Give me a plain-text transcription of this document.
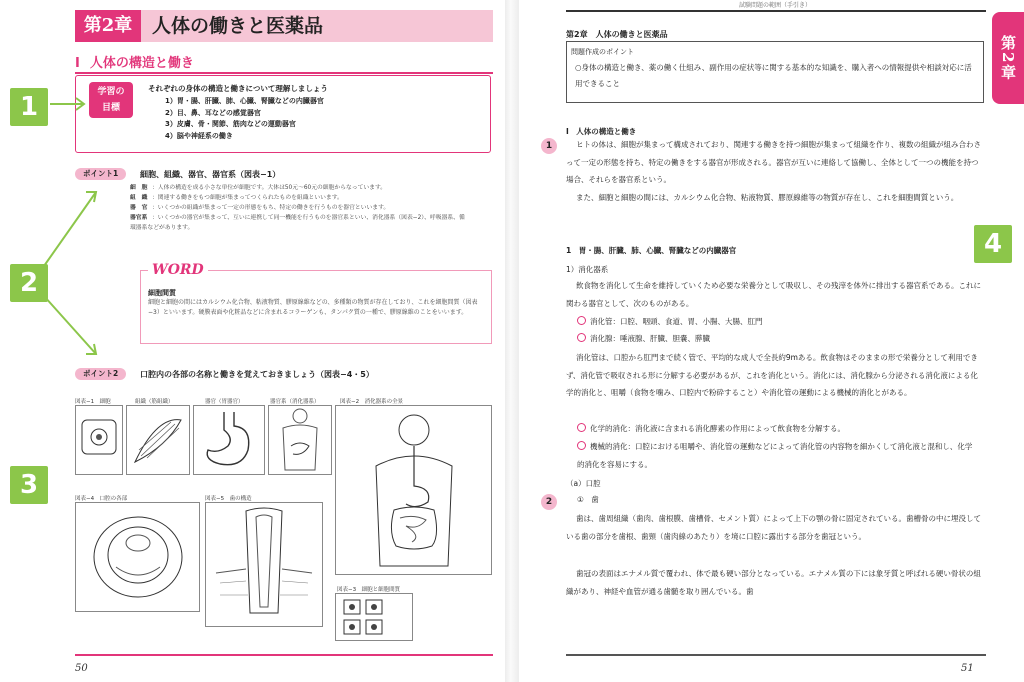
第2章	人体の働きと医薬品
Ⅰ 人体の構造と働き
学習の
目標
それぞれの身体の構造と働きについて理解しましょう
1）胃・腸、肝臓、肺、心臓、腎臓などの内臓器官
2）目、鼻、耳などの感覚器官
3）皮膚、骨・関節、筋肉などの運動器官
4）脳や神経系の働き
ポイント1	細胞、組織、器官、器官系（図表−1）
細　胞 ：人体の構造を成る小さな単位が細胞です。大体は50元〜60元の細胞からなっています。
組　織 ：関連する働きをもつ細胞が集まってつくられたものを組織といいます。
器　官 ：いくつかの組織が集まって一定の形態をもち、特定の働きを行うものを器官といいます。
器官系 ：いくつかの器官が集まって、互いに連携して同一機能を行うものを器官系といい、消化器系（図表−2）、呼吸器系、循環器系などがあります。
WORD
細胞間質
細胞と細胞の間にはカルシウム化合物、粘液物質、膠原線維などの、多種類の物質が存在しており、これを細胞間質（図表−3）といいます。硬膜表面や化粧品などに含まれるコラーゲンも、タンパク質の一種で、膠原線維のことをいいます。
ポイント2	口腔内の各部の名称と働きを覚えておきましょう（図表−4・5）
図表−1　細胞	組織（筋組織）	器官（胃器官）	器官系（消化器系）	図表−2　消化器系の全景
図表−4　口腔の各部	図表−5　歯の構造
図表−3　細胞と細胞間質
50
1
2
3
試験問題の範囲（手引き）
第2章　人体の働きと医薬品
問題作成のポイント
○身体の構造と働き、薬の働く仕組み、副作用の症状等に関する基本的な知識を、購入者への情報提供や相談対応に活用できること
Ⅰ　人体の構造と働き
1	ヒトの体は、細胞が集まって構成されており、関連する働きを持つ細胞が集まって組織を作り、複数の組織が組み合わさって一定の形態を持ち、特定の働きをする器官が形成される。器官が互いに連絡して協働し、全体として一つの機能を持つ場合、それらを器官系という。
また、細胞と細胞の間には、カルシウム化合物、粘液物質、膠原線維等の物質が存在し、これを細胞間質という。
1　胃・腸、肝臓、肺、心臓、腎臓などの内臓器官
1）消化器系
飲食物を消化して生命を維持していくため必要な栄養分として吸収し、その残滓を体外に排出する器官系である。これに関わる器官として、次のものがある。
消化管：口腔、咽頭、食道、胃、小腸、大腸、肛門
消化腺：唾液腺、肝臓、胆嚢、膵臓
消化管は、口腔から肛門まで続く管で、平均的な成人で全長約9mある。飲食物はそのままの形で栄養分として利用できず、消化管で吸収される形に分解する必要があるが、これを消化という。消化には、消化腺から分泌される消化液による化学的消化と、咀嚼（食物を噛み、口腔内で粉砕すること）や消化管の運動による機械的消化とがある。
化学的消化：消化液に含まれる消化酵素の作用によって飲食物を分解する。
機械的消化：口腔における咀嚼や、消化管の運動などによって消化管の内容物を細かくして消化液と混和し、化学的消化を容易にする。
（a）口腔
2	①　歯
歯は、歯周組織（歯肉、歯根膜、歯槽骨、セメント質）によって上下の顎の骨に固定されている。歯槽骨の中に埋没している歯の部分を歯根、歯頸（歯肉線のあたり）を境に口腔に露出する部分を歯冠という。
歯冠の表面はエナメル質で覆われ、体で最も硬い部分となっている。エナメル質の下には象牙質と呼ばれる硬い骨状の組織があり、神経や血管が通る歯髄を取り囲んでいる。歯
51
4
第2章
